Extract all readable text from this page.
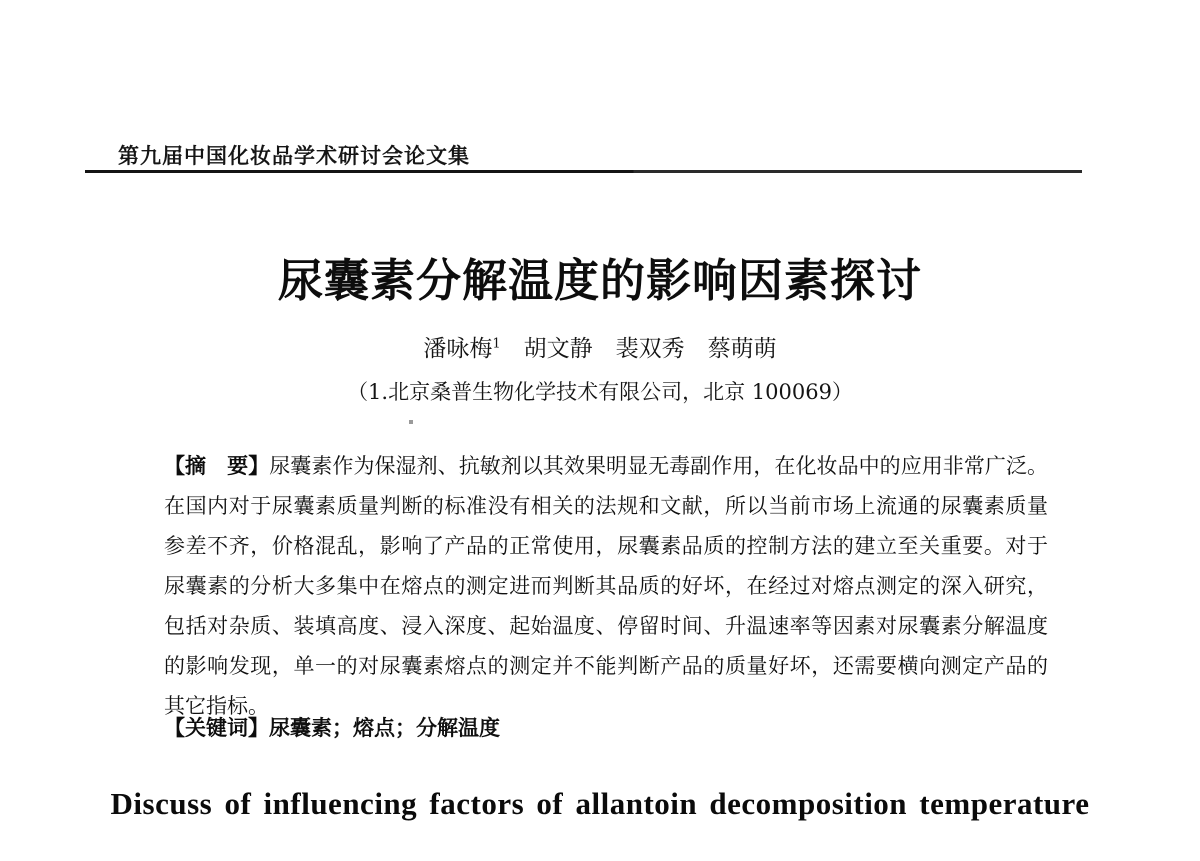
第九届中国化妆品学术研讨会论文集
尿囊素分解温度的影响因素探讨
潘咏梅$^1$　胡文静　裴双秀　蔡萌萌
（1.北京桑普生物化学技术有限公司，北京 100069）
【摘　要】尿囊素作为保湿剂、抗敏剂以其效果明显无毒副作用，在化妆品中的应用非常广泛。
在国内对于尿囊素质量判断的标准没有相关的法规和文献，所以当前市场上流通的尿囊素质量
参差不齐，价格混乱，影响了产品的正常使用，尿囊素品质的控制方法的建立至关重要。对于
尿囊素的分析大多集中在熔点的测定进而判断其品质的好坏，在经过对熔点测定的深入研究，
包括对杂质、装填高度、浸入深度、起始温度、停留时间、升温速率等因素对尿囊素分解温度
的影响发现，单一的对尿囊素熔点的测定并不能判断产品的质量好坏，还需要横向测定产品的
其它指标。
【关键词】尿囊素；熔点；分解温度
Discuss of influencing factors of allantoin decomposition temperature
